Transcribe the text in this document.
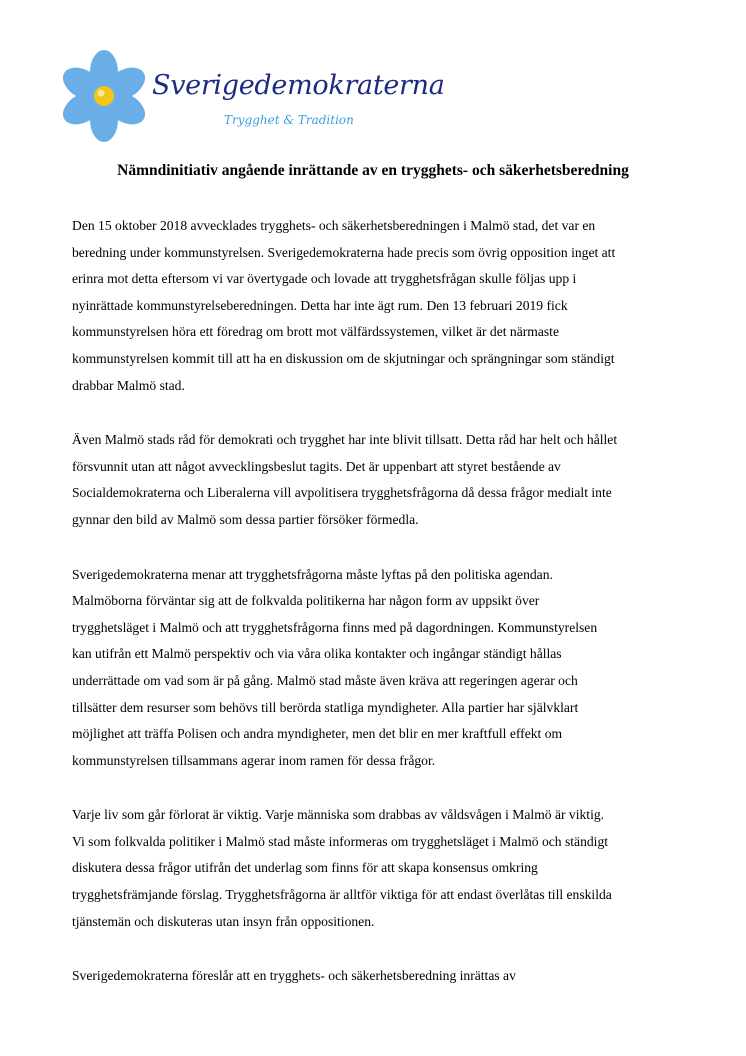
Sverigedemokraterna
Trygghet & Tradition
Nämndinitiativ angående inrättande av en trygghets- och säkerhetsberedning
Den 15 oktober 2018 avvecklades trygghets- och säkerhetsberedningen i Malmö stad, det var en
beredning under kommunstyrelsen. Sverigedemokraterna hade precis som övrig opposition inget att
erinra mot detta eftersom vi var övertygade och lovade att trygghetsfrågan skulle följas upp i
nyinrättade kommunstyrelseberedningen. Detta har inte ägt rum. Den 13 februari 2019 fick
kommunstyrelsen höra ett föredrag om brott mot välfärdssystemen, vilket är det närmaste
kommunstyrelsen kommit till att ha en diskussion om de skjutningar och sprängningar som ständigt
drabbar Malmö stad.
Även Malmö stads råd för demokrati och trygghet har inte blivit tillsatt. Detta råd har helt och hållet
försvunnit utan att något avvecklingsbeslut tagits. Det är uppenbart att styret bestående av
Socialdemokraterna och Liberalerna vill avpolitisera trygghetsfrågorna då dessa frågor medialt inte
gynnar den bild av Malmö som dessa partier försöker förmedla.
Sverigedemokraterna menar att trygghetsfrågorna måste lyftas på den politiska agendan.
Malmöborna förväntar sig att de folkvalda politikerna har någon form av uppsikt över
trygghetsläget i Malmö och att trygghetsfrågorna finns med på dagordningen. Kommunstyrelsen
kan utifrån ett Malmö perspektiv och via våra olika kontakter och ingångar ständigt hållas
underrättade om vad som är på gång. Malmö stad måste även kräva att regeringen agerar och
tillsätter dem resurser som behövs till berörda statliga myndigheter. Alla partier har självklart
möjlighet att träffa Polisen och andra myndigheter, men det blir en mer kraftfull effekt om
kommunstyrelsen tillsammans agerar inom ramen för dessa frågor.
Varje liv som går förlorat är viktig. Varje människa som drabbas av våldsvågen i Malmö är viktig.
Vi som folkvalda politiker i Malmö stad måste informeras om trygghetsläget i Malmö och ständigt
diskutera dessa frågor utifrån det underlag som finns för att skapa konsensus omkring
trygghetsfrämjande förslag. Trygghetsfrågorna är alltför viktiga för att endast överlåtas till enskilda
tjänstemän och diskuteras utan insyn från oppositionen.
Sverigedemokraterna föreslår att en trygghets- och säkerhetsberedning inrättas av
